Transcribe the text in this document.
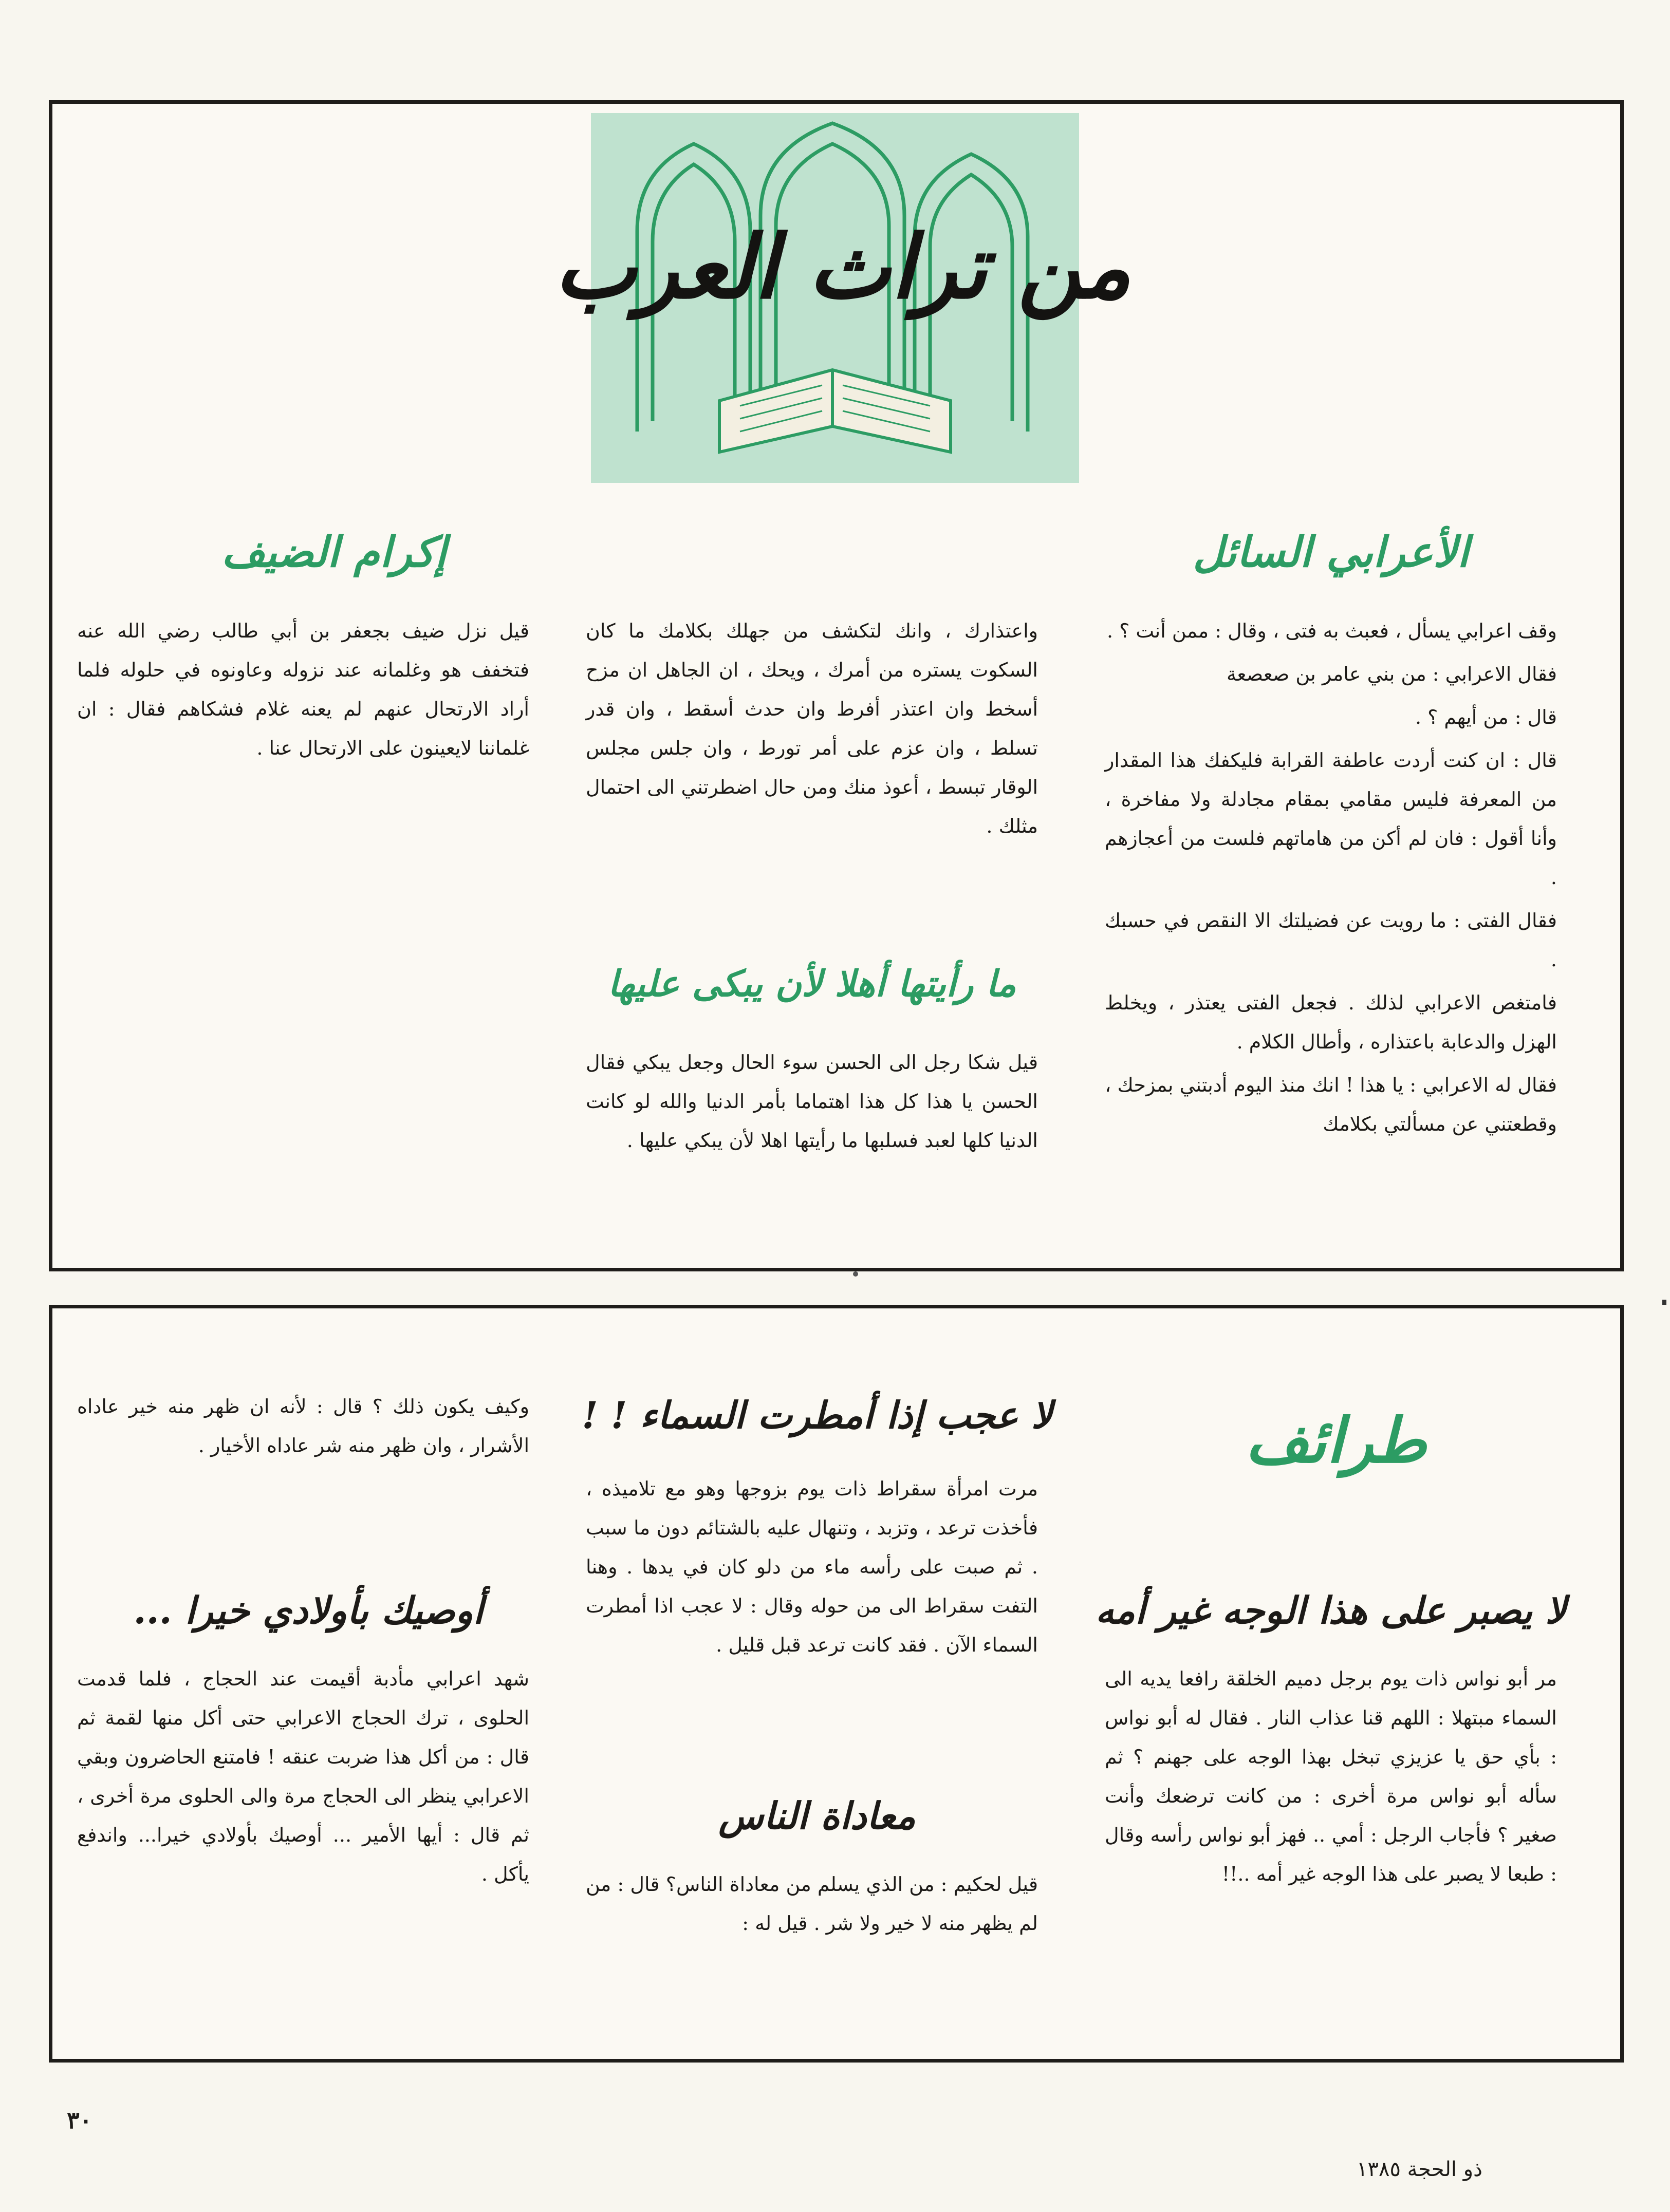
من تراث العرب
الأعرابي السائل

وقف اعرابي يسأل ، فعبث به فتى ، وقال : ممن أنت ؟ .

فقال الاعرابي : من بني عامر بن صعصعة

قال : من أيهم ؟ .

قال : ان كنت أردت عاطفة القرابة فليكفك هذا المقدار من المعرفة فليس مقامي بمقام مجادلة ولا مفاخرة ، وأنا أقول : فان لم أكن من هاماتهم فلست من أعجازهم .

فقال الفتى : ما رويت عن فضيلتك الا النقص في حسبك .

فامتغص الاعرابي لذلك . فجعل الفتى يعتذر ، ويخلط الهزل والدعابة باعتذاره ، وأطال الكلام .

فقال له الاعرابي : يا هذا ! انك منذ اليوم أدبتني بمزحك ، وقطعتني عن مسألتي بكلامك

واعتذارك ، وانك لتكشف من جهلك بكلامك ما كان السكوت يستره من أمرك ، ويحك ، ان الجاهل ان مزح أسخط وان اعتذر أفرط وان حدث أسقط ، وان قدر تسلط ، وان عزم على أمر تورط ، وان جلس مجلس الوقار تبسط ، أعوذ منك ومن حال اضطرتني الى احتمال مثلك .
ما رأيتها أهلا لأن يبكى عليها
قيل شكا رجل الى الحسن سوء الحال وجعل يبكي فقال الحسن يا هذا كل هذا اهتماما بأمر الدنيا والله لو كانت الدنيا كلها لعبد فسلبها ما رأيتها اهلا لأن يبكي عليها .
إكرام الضيف
قيل نزل ضيف بجعفر بن أبي طالب رضي الله عنه فتخفف هو وغلمانه عند نزوله وعاونوه في حلوله فلما أراد الارتحال عنهم لم يعنه غلام فشكاهم فقال : ان غلماننا لايعينون على الارتحال عنا .
طرائف
لا يصبر على هذا الوجه غير أمه
مر أبو نواس ذات يوم برجل دميم الخلقة رافعا يديه الى السماء مبتهلا : اللهم قنا عذاب النار . فقال له أبو نواس : بأي حق يا عزيزي تبخل بهذا الوجه على جهنم ؟ ثم سأله أبو نواس مرة أخرى : من كانت ترضعك وأنت صغير ؟ فأجاب الرجل : أمي .. فهز أبو نواس رأسه وقال : طبعا لا يصبر على هذا الوجه غير أمه ..!!
لا عجب إذا أمطرت السماء ! !
مرت امرأة سقراط ذات يوم بزوجها وهو مع تلاميذه ، فأخذت ترعد ، وتزبد ، وتنهال عليه بالشتائم دون ما سبب . ثم صبت على رأسه ماء من دلو كان في يدها . وهنا التفت سقراط الى من حوله وقال : لا عجب اذا أمطرت السماء الآن . فقد كانت ترعد قبل قليل .
معاداة الناس
قيل لحكيم : من الذي يسلم من معاداة الناس؟ قال : من لم يظهر منه لا خير ولا شر . قيل له :
وكيف يكون ذلك ؟ قال : لأنه ان ظهر منه خير عاداه الأشرار ، وان ظهر منه شر عاداه الأخيار .
أوصيك بأولادي خيرا ...
شهد اعرابي مأدبة أقيمت عند الحجاج ، فلما قدمت الحلوى ، ترك الحجاج الاعرابي حتى أكل منها لقمة ثم قال : من أكل هذا ضربت عنقه ! فامتنع الحاضرون وبقي الاعرابي ينظر الى الحجاج مرة والى الحلوى مرة أخرى ، ثم قال : أيها الأمير ... أوصيك بأولادي خيرا... واندفع يأكل .
٣٠
ذو الحجة ١٣٨٥
